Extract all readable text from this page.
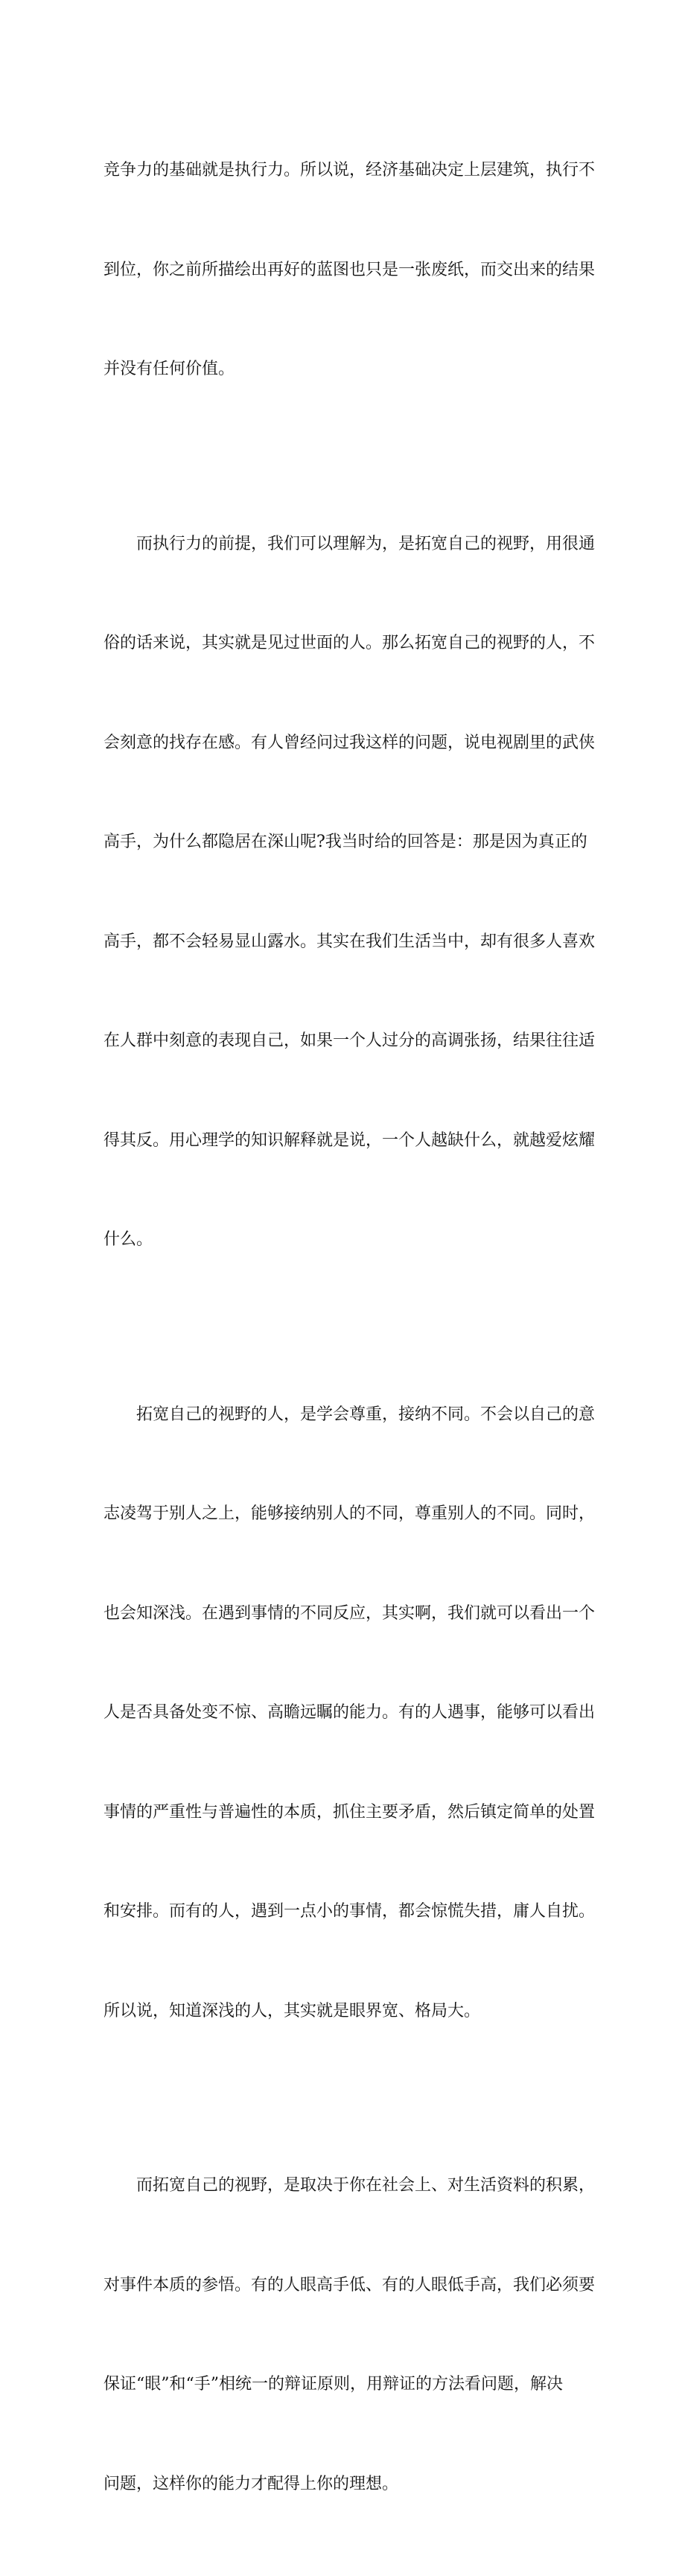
竞争力的基础就是执行力。所以说，经济基础决定上层建筑，执行不

到位，你之前所描绘出再好的蓝图也只是一张废纸，而交出来的结果

并没有任何价值。

而执行力的前提，我们可以理解为，是拓宽自己的视野，用很通

俗的话来说，其实就是见过世面的人。那么拓宽自己的视野的人，不

会刻意的找存在感。有人曾经问过我这样的问题，说电视剧里的武侠

高手，为什么都隐居在深山呢?我当时给的回答是：那是因为真正的

高手，都不会轻易显山露水。其实在我们生活当中，却有很多人喜欢

在人群中刻意的表现自己，如果一个人过分的高调张扬，结果往往适

得其反。用心理学的知识解释就是说，一个人越缺什么，就越爱炫耀

什么。

拓宽自己的视野的人，是学会尊重，接纳不同。不会以自己的意

志凌驾于别人之上，能够接纳别人的不同，尊重别人的不同。同时，

也会知深浅。在遇到事情的不同反应，其实啊，我们就可以看出一个

人是否具备处变不惊、高瞻远瞩的能力。有的人遇事，能够可以看出

事情的严重性与普遍性的本质，抓住主要矛盾，然后镇定简单的处置

和安排。而有的人，遇到一点小的事情，都会惊慌失措，庸人自扰。

所以说，知道深浅的人，其实就是眼界宽、格局大。

而拓宽自己的视野，是取决于你在社会上、对生活资料的积累，

对事件本质的参悟。有的人眼高手低、有的人眼低手高，我们必须要

保证“眼”和“手”相统一的辩证原则，用辩证的方法看问题，解决

问题，这样你的能力才配得上你的理想。
